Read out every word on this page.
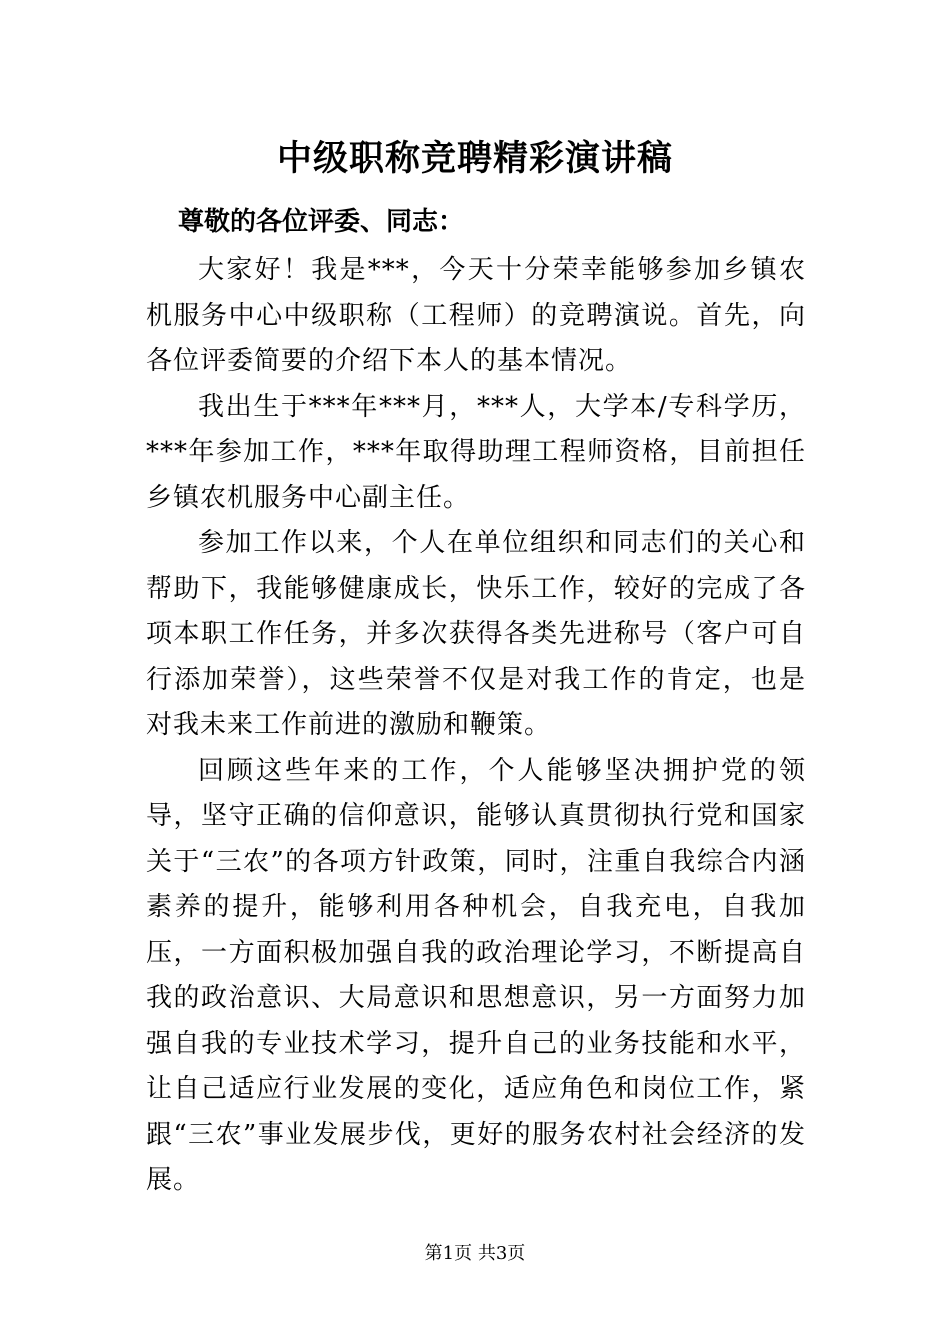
中级职称竞聘精彩演讲稿

尊敬的各位评委、同志：

大家好！我是***，今天十分荣幸能够参加乡镇农机服务中心中级职称（工程师）的竞聘演说。首先，向各位评委简要的介绍下本人的基本情况。

我出生于***年***月，***人，大学本/专科学历，***年参加工作，***年取得助理工程师资格，目前担任乡镇农机服务中心副主任。

参加工作以来，个人在单位组织和同志们的关心和帮助下，我能够健康成长，快乐工作，较好的完成了各项本职工作任务，并多次获得各类先进称号（客户可自行添加荣誉），这些荣誉不仅是对我工作的肯定，也是对我未来工作前进的激励和鞭策。

回顾这些年来的工作，个人能够坚决拥护党的领导，坚守正确的信仰意识，能够认真贯彻执行党和国家关于“三农”的各项方针政策，同时，注重自我综合内涵素养的提升，能够利用各种机会，自我充电，自我加压，一方面积极加强自我的政治理论学习，不断提高自我的政治意识、大局意识和思想意识，另一方面努力加强自我的专业技术学习，提升自己的业务技能和水平，让自己适应行业发展的变化，适应角色和岗位工作，紧跟“三农”事业发展步伐，更好的服务农村社会经济的发展。

第1页 共3页
